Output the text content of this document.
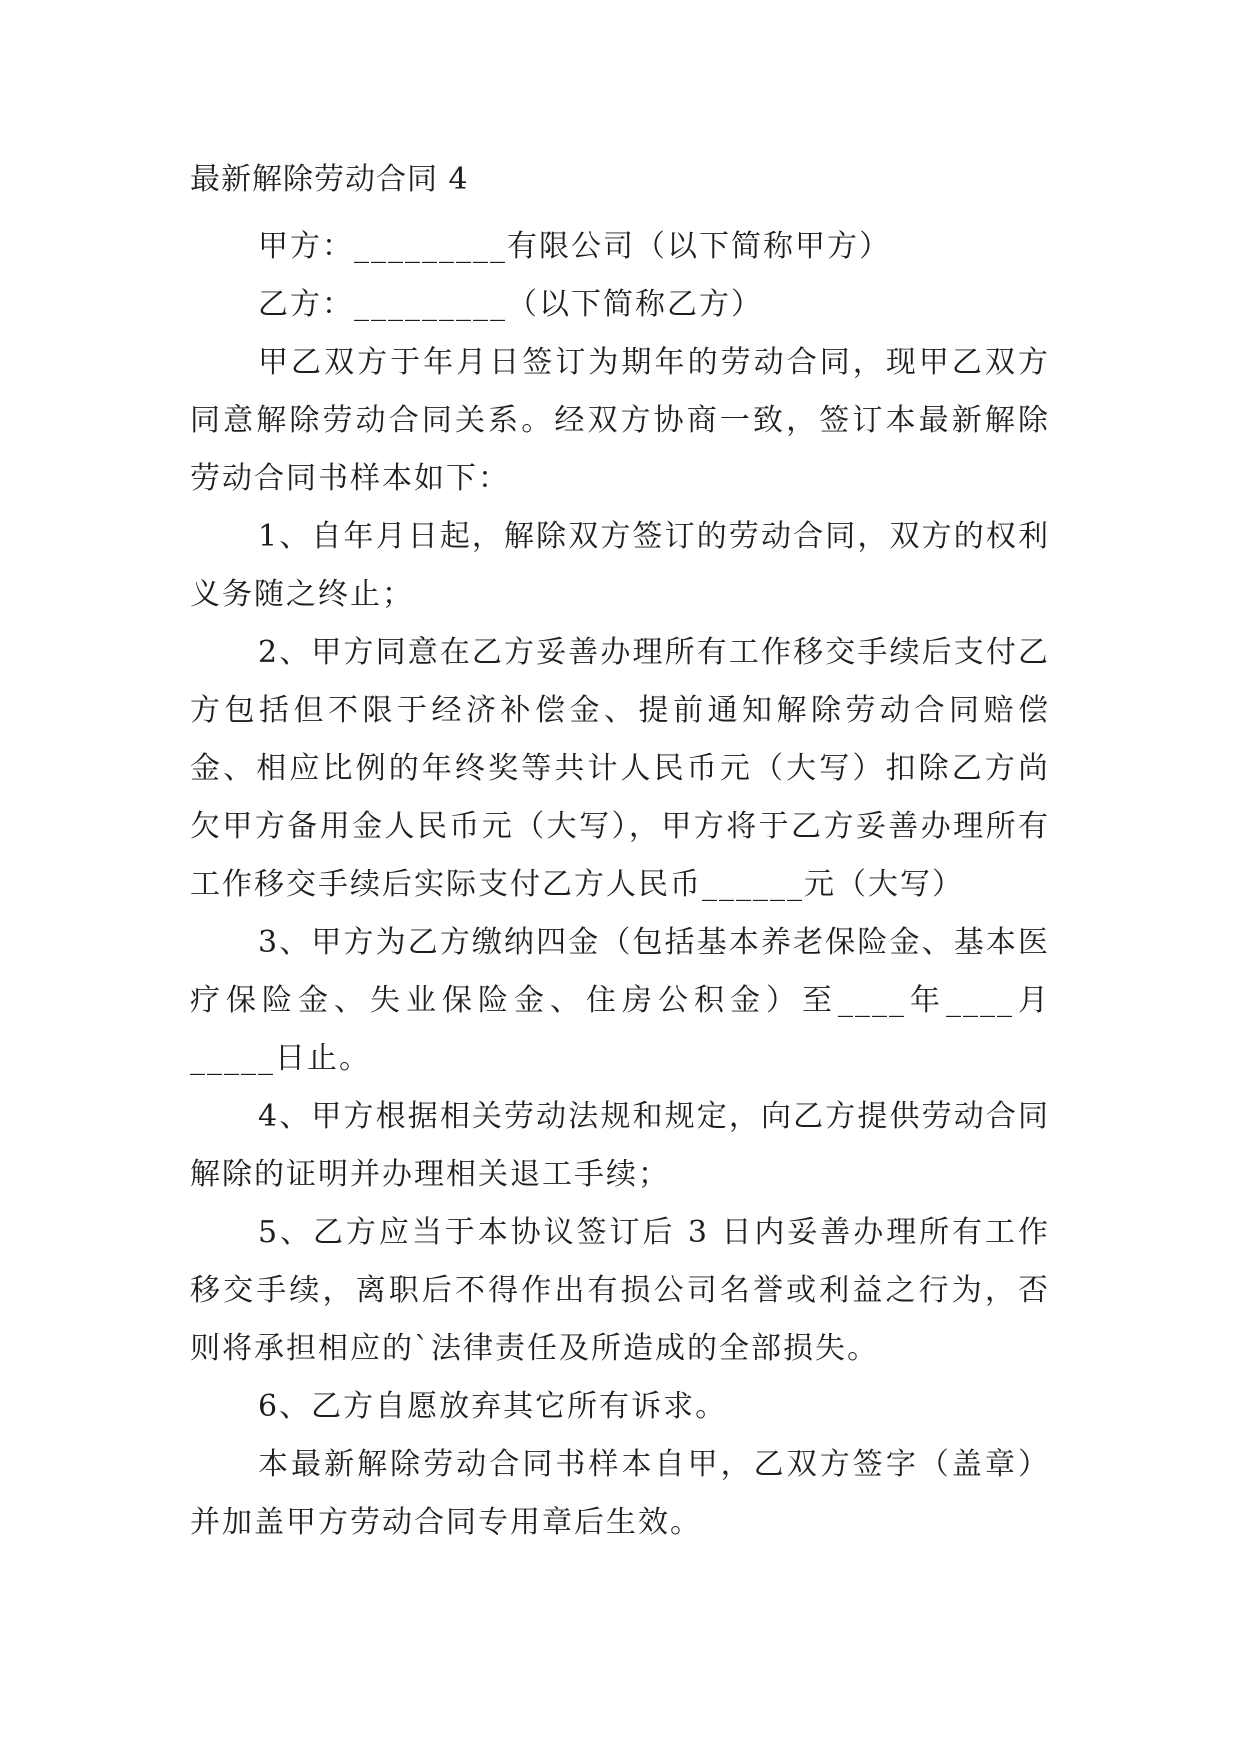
最新解除劳动合同 4

甲方：_________有限公司（以下简称甲方）

乙方：_________（以下简称乙方）

甲乙双方于年月日签订为期年的劳动合同，现甲乙双方同意解除劳动合同关系。经双方协商一致，签订本最新解除劳动合同书样本如下：

1、自年月日起，解除双方签订的劳动合同，双方的权利义务随之终止；

2、甲方同意在乙方妥善办理所有工作移交手续后支付乙方包括但不限于经济补偿金、提前通知解除劳动合同赔偿金、相应比例的年终奖等共计人民币元（大写）扣除乙方尚欠甲方备用金人民币元（大写），甲方将于乙方妥善办理所有工作移交手续后实际支付乙方人民币______元（大写）

3、甲方为乙方缴纳四金（包括基本养老保险金、基本医疗保险金、失业保险金、住房公积金）至____年____月_____日止。

4、甲方根据相关劳动法规和规定，向乙方提供劳动合同解除的证明并办理相关退工手续；

5、乙方应当于本协议签订后 3 日内妥善办理所有工作移交手续，离职后不得作出有损公司名誉或利益之行为，否则将承担相应的`法律责任及所造成的全部损失。

6、乙方自愿放弃其它所有诉求。

本最新解除劳动合同书样本自甲，乙双方签字（盖章）并加盖甲方劳动合同专用章后生效。
